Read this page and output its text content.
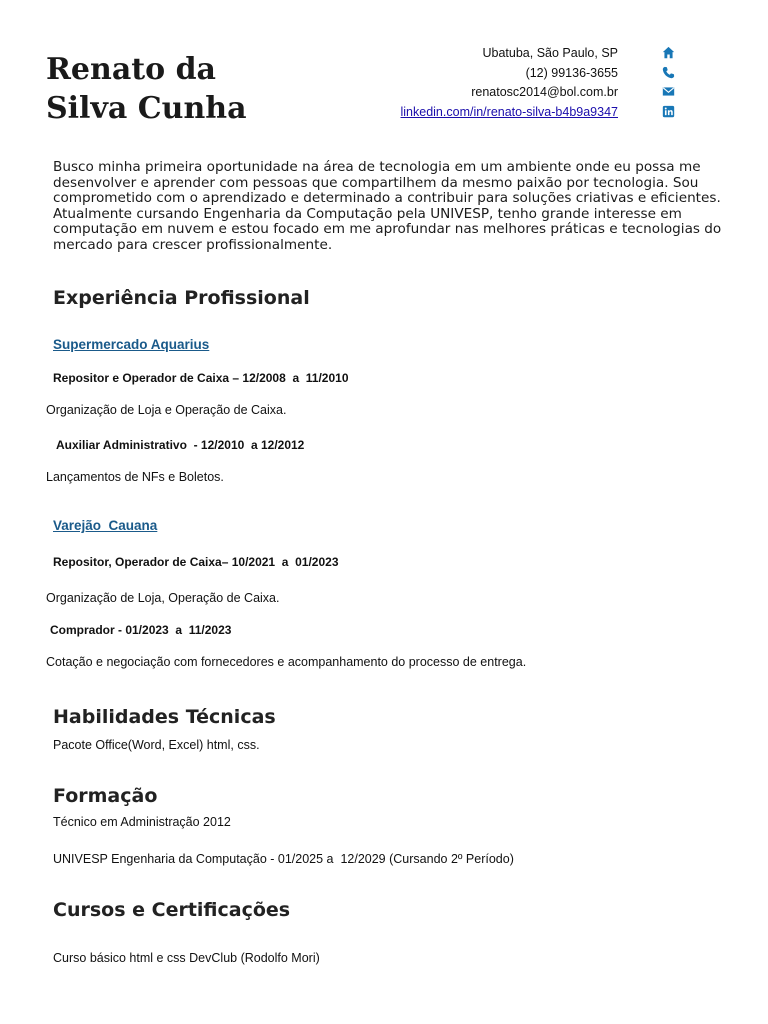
Renato da
Silva Cunha
Ubatuba, São Paulo, SP
(12) 99136-3655
renatosc2014@bol.com.br
linkedin.com/in/renato-silva-b4b9a9347

Busco minha primeira oportunidade na área de tecnologia em um ambiente onde eu possa me desenvolver e aprender com pessoas que compartilhem da mesmo paixão por tecnologia. Sou comprometido com o aprendizado e determinado a contribuir para soluções criativas e eficientes. Atualmente cursando Engenharia da Computação pela UNIVESP, tenho grande interesse em computação em nuvem e estou focado em me aprofundar nas melhores práticas e tecnologias do mercado para crescer profissionalmente.

Experiência Profissional
Supermercado Aquarius

Repositor e Operador de Caixa – 12/2008  a  11/2010

Organização de Loja e Operação de Caixa.

Auxiliar Administrativo  - 12/2010  a 12/2012

Lançamentos de NFs e Boletos.

Varejão  Cauana

Repositor, Operador de Caixa– 10/2021  a  01/2023

Organização de Loja, Operação de Caixa.

Comprador - 01/2023  a  11/2023

Cotação e negociação com fornecedores e acompanhamento do processo de entrega.

Habilidades Técnicas

Pacote Office(Word, Excel) html, css.

Formação

Técnico em Administração 2012

UNIVESP Engenharia da Computação - 01/2025 a  12/2029 (Cursando 2º Período)

Cursos e Certificações

Curso básico html e css DevClub (Rodolfo Mori)
